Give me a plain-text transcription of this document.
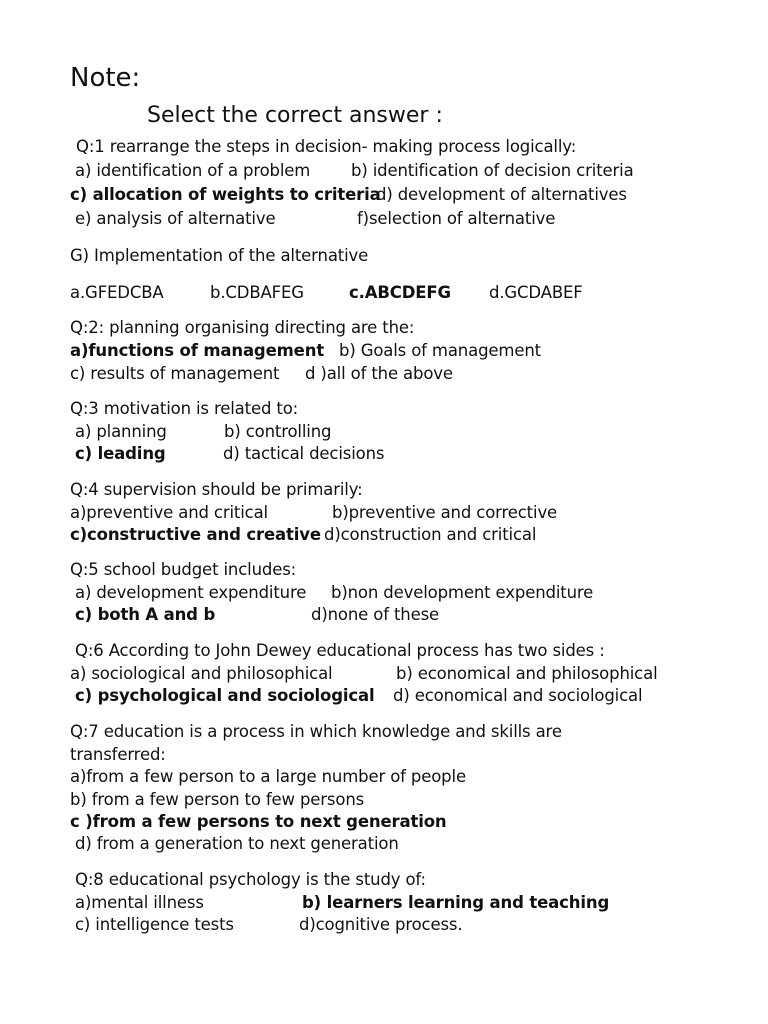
Note:
Select the correct answer :
Q:1 rearrange the steps in decision- making process logically:
a) identification of a problem b) identification of decision criteria
c) allocation of weights to criteria
d) development of alternatives
e) analysis of alternative	f)selection of alternative
G) Implementation of the alternative
a.GFEDCBA	b.CDBAFEG	c.ABCDEFG d.GCDABEF
Q:2: planning organising directing are the:
a)functions of management b) Goals of management
c) results of management d )all of the above
Q:3 motivation is related to:
a) planning	b) controlling
c) leading	d) tactical decisions
Q:4 supervision should be primarily:
a)preventive and critical	b)preventive and corrective
c)constructive and creative d)construction and critical
Q:5 school budget includes:
a) development expenditure b)non development expenditure
c) both A and b	d)none of these
Q:6 According to John Dewey educational process has two sides :
a) sociological and philosophical	b) economical and philosophical
c) psychological and sociological d) economical and sociological
Q:7 education is a process in which knowledge and skills are
transferred:
a)from a few person to a large number of people
b) from a few person to few persons
c )from a few persons to next generation
d) from a generation to next generation
Q:8 educational psychology is the study of:
a)mental illness	b) learners learning and teaching
c) intelligence tests	d)cognitive process.
